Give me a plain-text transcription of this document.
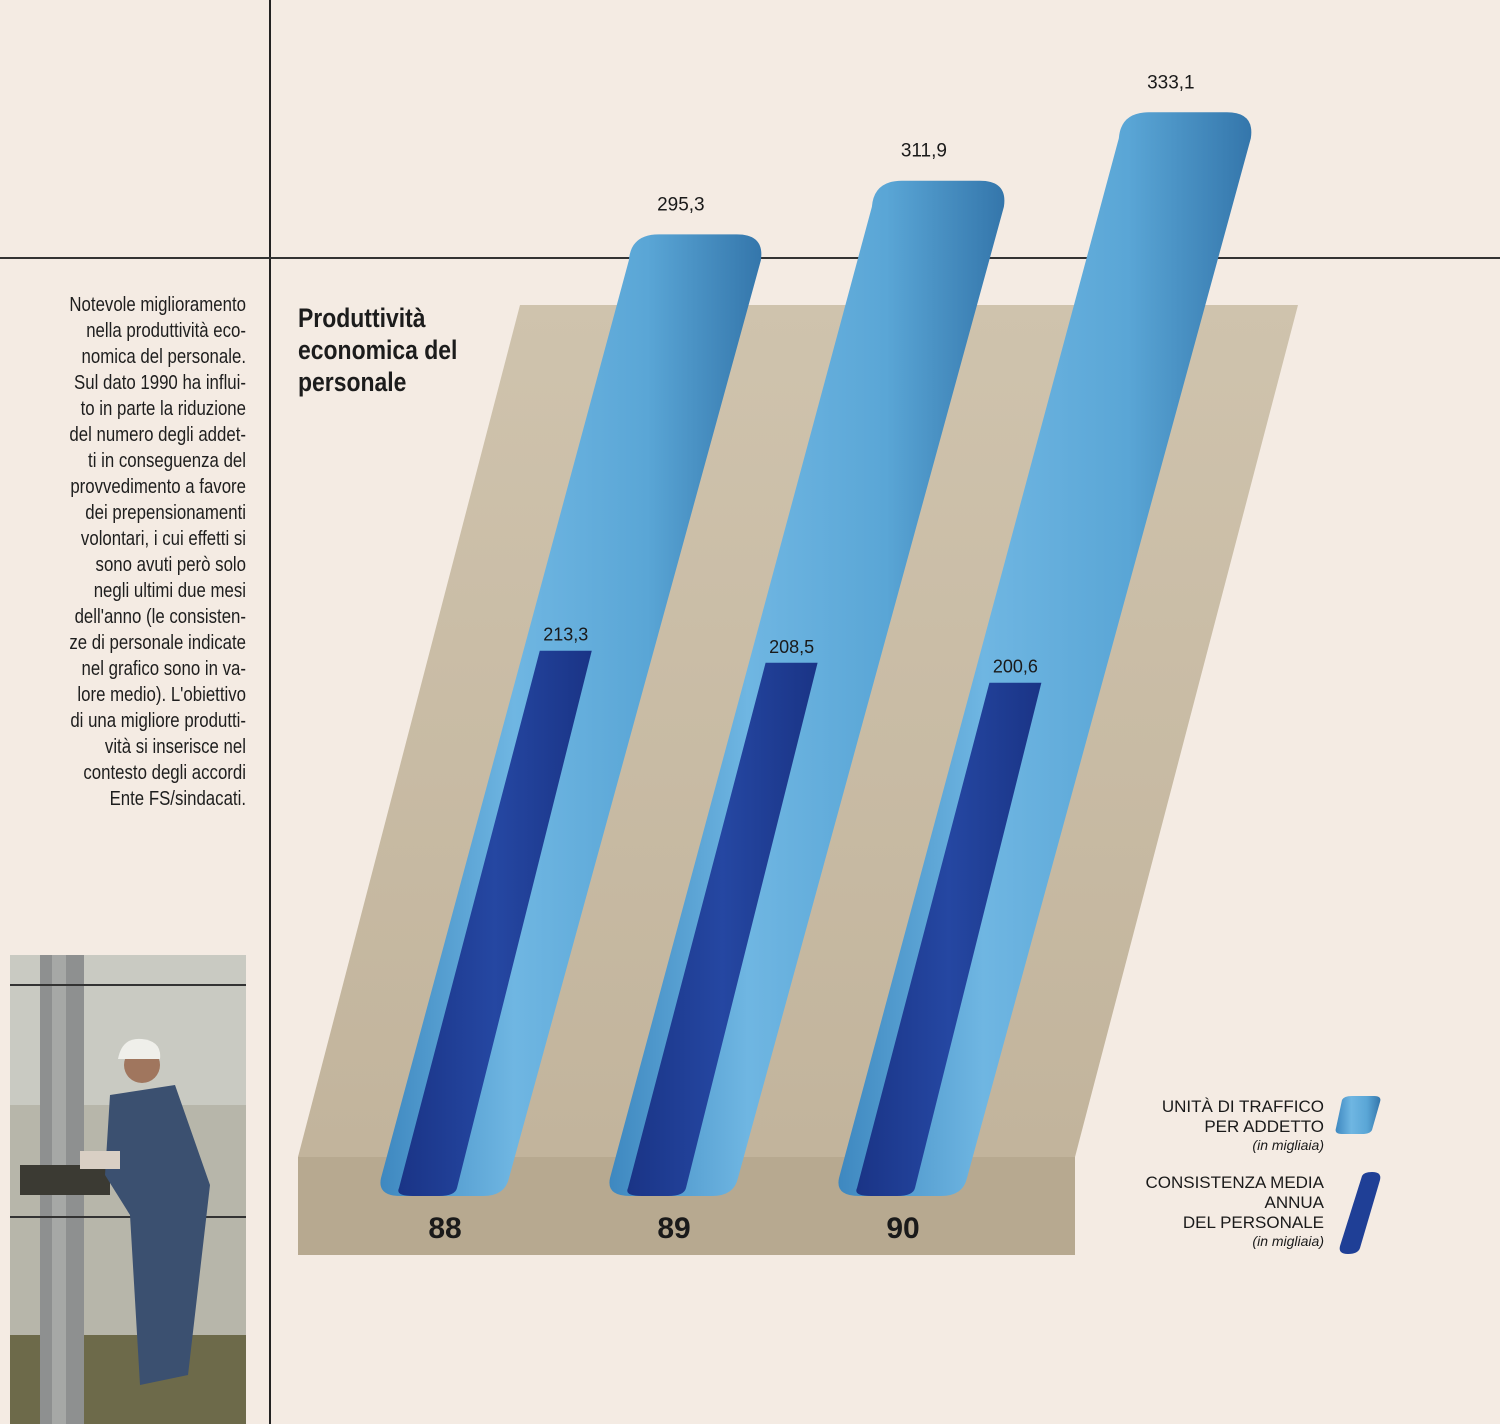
Notevole miglioramento
nella produttività eco-
nomica del personale.
Sul dato 1990 ha influi-
to in parte la riduzione
del numero degli addet-
ti in conseguenza del
provvedimento a favore
dei prepensionamenti
volontari, i cui effetti si
sono avuti però solo
negli ultimi due mesi
dell'anno (le consisten-
ze di personale indicate
nel grafico sono in va-
lore medio). L'obiettivo
di una migliore produtti-
vità si inserisce nel
contesto degli accordi
Ente FS/sindacati.
295,3
213,3
88
311,9
208,5
89
333,1
200,6
90
Produttività
economica del
personale
UNITÀ DI TRAFFICO
PER ADDETTO
(in migliaia)
CONSISTENZA MEDIA
ANNUA
DEL PERSONALE
(in migliaia)
